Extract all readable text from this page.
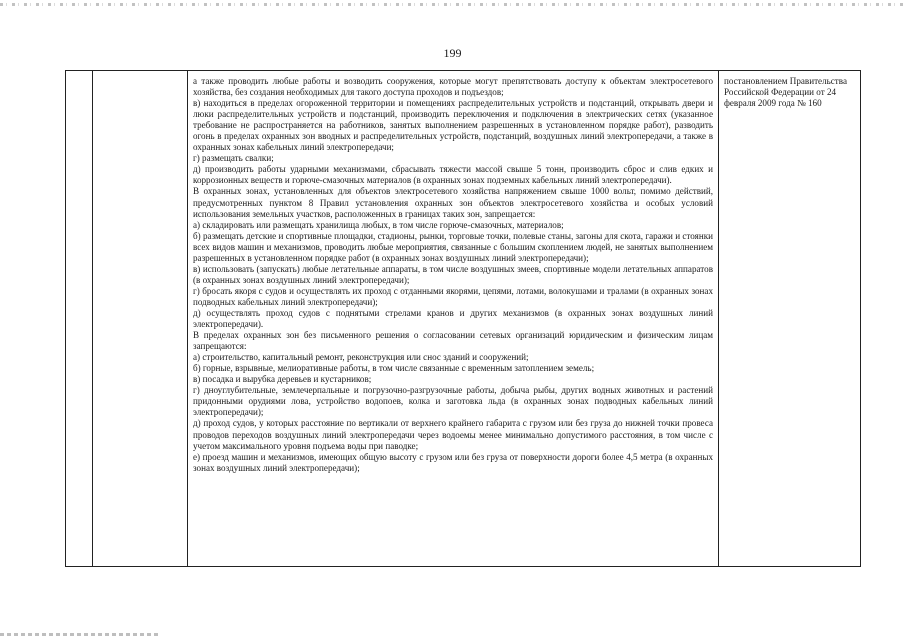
199

а также проводить любые работы и возводить сооружения, которые могут препятствовать доступу к объектам электросетевого хозяйства, без создания необходимых для такого доступа проходов и подъездов;

в) находиться в пределах огороженной территории и помещениях распределительных устройств и подстанций, открывать двери и люки распределительных устройств и подстанций, производить переключения и подключения в электрических сетях (указанное требование не распространяется на работников, занятых выполнением разрешенных в установленном порядке работ), разводить огонь в пределах охранных зон вводных и распределительных устройств, подстанций, воздушных линий электропередачи, а также в охранных зонах кабельных линий электропередачи;

г) размещать свалки;

д) производить работы ударными механизмами, сбрасывать тяжести массой свыше 5 тонн, производить сброс и слив едких и коррозионных веществ и горюче-смазочных материалов (в охранных зонах подземных кабельных линий электропередачи).

В охранных зонах, установленных для объектов электросетевого хозяйства напряжением свыше 1000 вольт, помимо действий, предусмотренных пунктом 8 Правил установления охранных зон объектов электросетевого хозяйства и особых условий использования земельных участков, расположенных в границах таких зон, запрещается:

а) складировать или размещать хранилища любых, в том числе горюче-смазочных, материалов;

б) размещать детские и спортивные площадки, стадионы, рынки, торговые точки, полевые станы, загоны для скота, гаражи и стоянки всех видов машин и механизмов, проводить любые мероприятия, связанные с большим скоплением людей, не занятых выполнением разрешенных в установленном порядке работ (в охранных зонах воздушных линий электропередачи);

в) использовать (запускать) любые летательные аппараты, в том числе воздушных змеев, спортивные модели летательных аппаратов (в охранных зонах воздушных линий электропередачи);

г) бросать якоря с судов и осуществлять их проход с отданными якорями, цепями, лотами, волокушами и тралами (в охранных зонах подводных кабельных линий электропередачи);

д) осуществлять проход судов с поднятыми стрелами кранов и других механизмов (в охранных зонах воздушных линий электропередачи).

В пределах охранных зон без письменного решения о согласовании сетевых организаций юридическим и физическим лицам запрещаются:

а) строительство, капитальный ремонт, реконструкция или снос зданий и сооружений;

б) горные, взрывные, мелиоративные работы, в том числе связанные с временным затоплением земель;

в) посадка и вырубка деревьев и кустарников;

г) дноуглубительные, землечерпальные и погрузочно-разгрузочные работы, добыча рыбы, других водных животных и растений придонными орудиями лова, устройство водопоев, колка и заготовка льда (в охранных зонах подводных кабельных линий электропередачи);

д) проход судов, у которых расстояние по вертикали от верхнего крайнего габарита с грузом или без груза до нижней точки провеса проводов переходов воздушных линий электропередачи через водоемы менее минимально допустимого расстояния, в том числе с учетом максимального уровня подъема воды при паводке;

е) проезд машин и механизмов, имеющих общую высоту с грузом или без груза от поверхности дороги более 4,5 метра (в охранных зонах воздушных линий электропередачи);

постановлением Правительства Российской Федерации от 24 февраля 2009 года № 160
